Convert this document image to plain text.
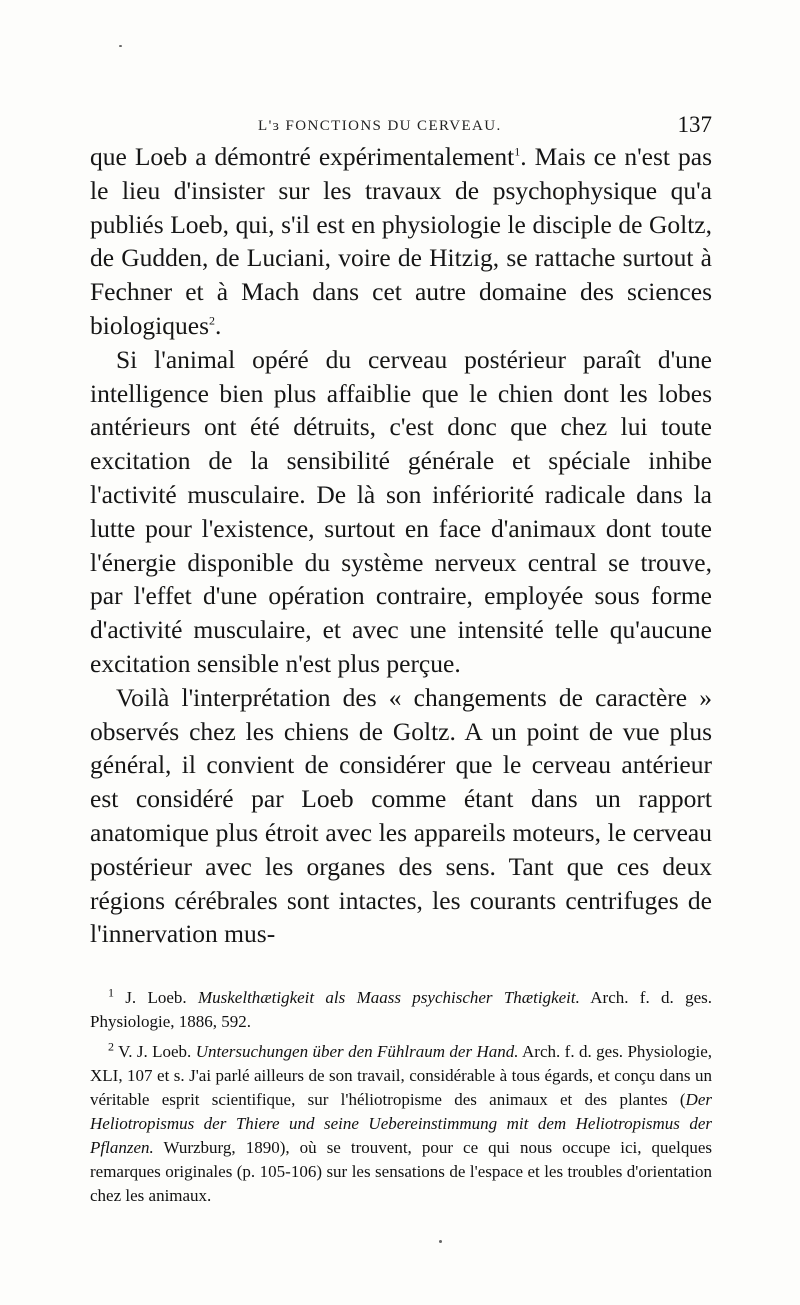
L'ɜ FONCTIONS DU CERVEAU.	137

que Loeb a démontré expérimentalement$^1$. Mais ce n'est pas le lieu d'insister sur les travaux de psychophysique qu'a publiés Loeb, qui, s'il est en physiologie le disciple de Goltz, de Gudden, de Luciani, voire de Hitzig, se rattache surtout à Fechner et à Mach dans cet autre domaine des sciences biologiques$^2$.

Si l'animal opéré du cerveau postérieur paraît d'une intelligence bien plus affaiblie que le chien dont les lobes antérieurs ont été détruits, c'est donc que chez lui toute excitation de la sensibilité générale et spéciale inhibe l'activité musculaire. De là son infériorité radicale dans la lutte pour l'existence, surtout en face d'animaux dont toute l'énergie disponible du système nerveux central se trouve, par l'effet d'une opération contraire, employée sous forme d'activité musculaire, et avec une intensité telle qu'aucune excitation sensible n'est plus perçue.

Voilà l'interprétation des « changements de caractère » observés chez les chiens de Goltz. A un point de vue plus général, il convient de considérer que le cerveau antérieur est considéré par Loeb comme étant dans un rapport anatomique plus étroit avec les appareils moteurs, le cerveau postérieur avec les organes des sens. Tant que ces deux régions cérébrales sont intactes, les courants centrifuges de l'innervation mus-

$^1$ J. Loeb. Muskelthætigkeit als Maass psychischer Thætigkeit. Arch. f. d. ges. Physiologie, 1886, 592.

$^2$ V. J. Loeb. Untersuchungen über den Fühlraum der Hand. Arch. f. d. ges. Physiologie, XLI, 107 et s. J'ai parlé ailleurs de son travail, considérable à tous égards, et conçu dans un véritable esprit scientifique, sur l'héliotropisme des animaux et des plantes (Der Heliotropismus der Thiere und seine Uebereinstimmung mit dem Heliotropismus der Pflanzen. Wurzburg, 1890), où se trouvent, pour ce qui nous occupe ici, quelques remarques originales (p. 105-106) sur les sensations de l'espace et les troubles d'orientation chez les animaux.
